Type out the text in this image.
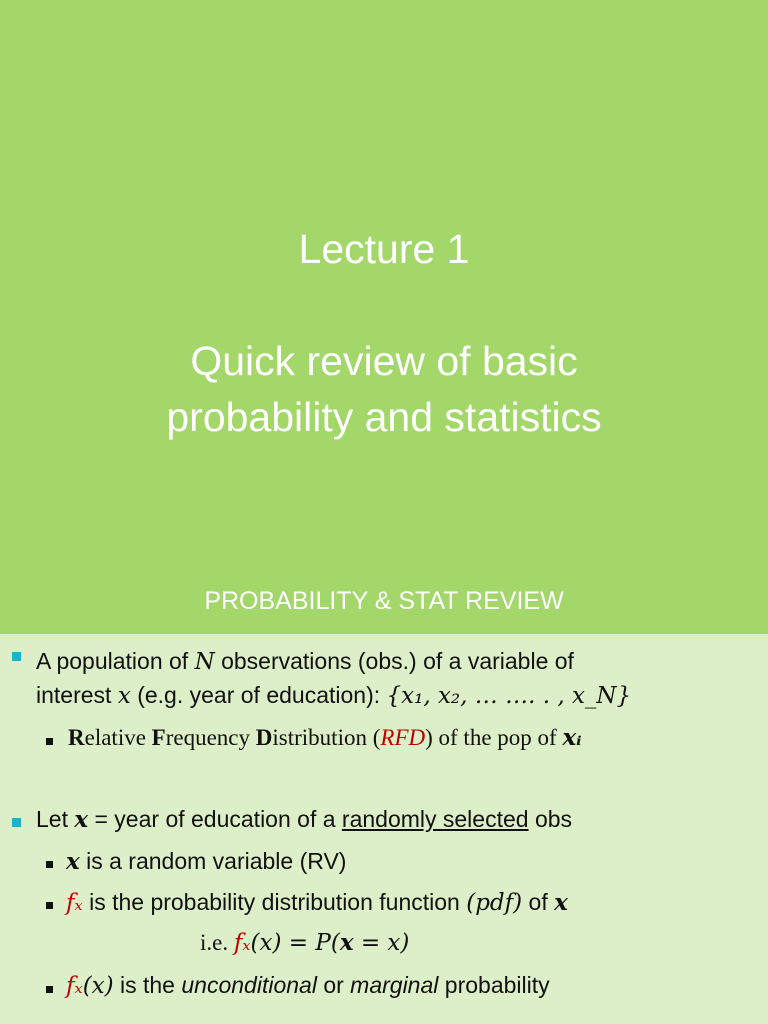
Lecture 1
Quick review of basic
probability and statistics
PROBABILITY & STAT REVIEW
A population of N observations (obs.) of a variable of
interest x (e.g. year of education): {x₁, x₂, … …. . , x_N}
Relative Frequency Distribution (RFD) of the pop of xᵢ
Let x = year of education of a randomly selected obs
x is a random variable (RV)
fₓ is the probability distribution function (pdf) of x
i.e. fₓ(x) = P(x = x)
fₓ(x) is the unconditional or marginal probability
